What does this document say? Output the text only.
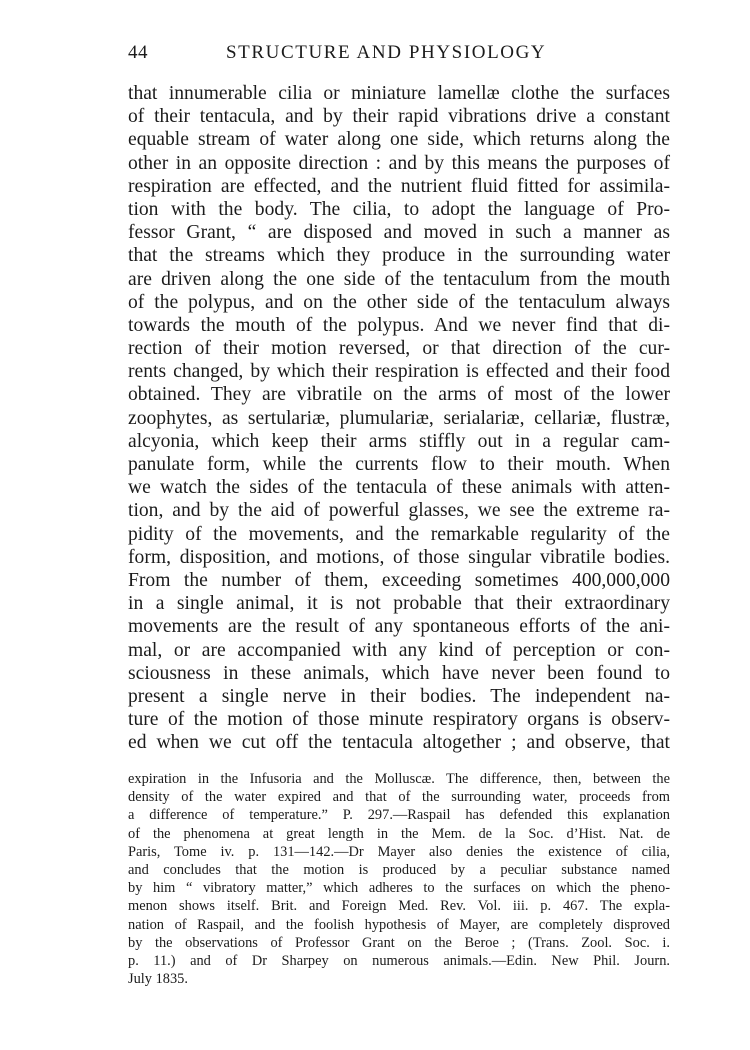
44	STRUCTURE AND PHYSIOLOGY
that innumerable cilia or miniature lamellæ clothe the surfaces
of their tentacula, and by their rapid vibrations drive a constant
equable stream of water along one side, which returns along the
other in an opposite direction : and by this means the purposes of
respiration are effected, and the nutrient fluid fitted for assimila-
tion with the body. The cilia, to adopt the language of Pro-
fessor Grant, “ are disposed and moved in such a manner as
that the streams which they produce in the surrounding water
are driven along the one side of the tentaculum from the mouth
of the polypus, and on the other side of the tentaculum always
towards the mouth of the polypus. And we never find that di-
rection of their motion reversed, or that direction of the cur-
rents changed, by which their respiration is effected and their food
obtained. They are vibratile on the arms of most of the lower
zoophytes, as sertulariæ, plumulariæ, serialariæ, cellariæ, flustræ,
alcyonia, which keep their arms stiffly out in a regular cam-
panulate form, while the currents flow to their mouth. When
we watch the sides of the tentacula of these animals with atten-
tion, and by the aid of powerful glasses, we see the extreme ra-
pidity of the movements, and the remarkable regularity of the
form, disposition, and motions, of those singular vibratile bodies.
From the number of them, exceeding sometimes 400,000,000
in a single animal, it is not probable that their extraordinary
movements are the result of any spontaneous efforts of the ani-
mal, or are accompanied with any kind of perception or con-
sciousness in these animals, which have never been found to
present a single nerve in their bodies. The independent na-
ture of the motion of those minute respiratory organs is observ-
ed when we cut off the tentacula altogether ; and observe, that
expiration in the Infusoria and the Molluscæ. The difference, then, between the
density of the water expired and that of the surrounding water, proceeds from
a difference of temperature.” P. 297.—Raspail has defended this explanation
of the phenomena at great length in the Mem. de la Soc. d’Hist. Nat. de
Paris, Tome iv. p. 131—142.—Dr Mayer also denies the existence of cilia,
and concludes that the motion is produced by a peculiar substance named
by him “ vibratory matter,” which adheres to the surfaces on which the pheno-
menon shows itself. Brit. and Foreign Med. Rev. Vol. iii. p. 467. The expla-
nation of Raspail, and the foolish hypothesis of Mayer, are completely disproved
by the observations of Professor Grant on the Beroe ; (Trans. Zool. Soc. i.
p. 11.) and of Dr Sharpey on numerous animals.—Edin. New Phil. Journ.
July 1835.
